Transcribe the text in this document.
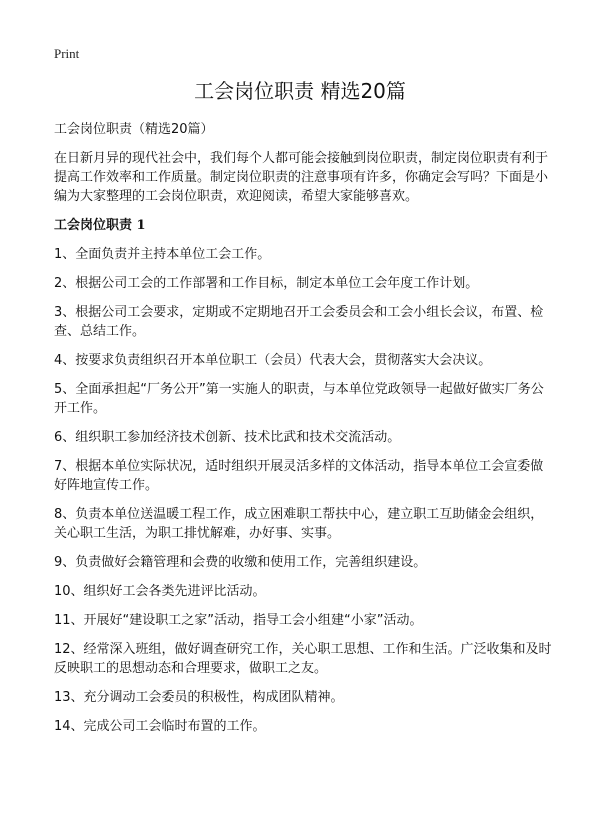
Print
工会岗位职责 精选20篇

工会岗位职责（精选20篇）

在日新月异的现代社会中，我们每个人都可能会接触到岗位职责，制定岗位职责有利于提高工作效率和工作质量。制定岗位职责的注意事项有许多，你确定会写吗？下面是小编为大家整理的工会岗位职责，欢迎阅读，希望大家能够喜欢。

工会岗位职责 1

1、全面负责并主持本单位工会工作。
2、根据公司工会的工作部署和工作目标，制定本单位工会年度工作计划。
3、根据公司工会要求，定期或不定期地召开工会委员会和工会小组长会议，布置、检查、总结工作。
4、按要求负责组织召开本单位职工（会员）代表大会，贯彻落实大会决议。
5、全面承担起“厂务公开”第一实施人的职责，与本单位党政领导一起做好做实厂务公开工作。
6、组织职工参加经济技术创新、技术比武和技术交流活动。
7、根据本单位实际状况，适时组织开展灵活多样的文体活动，指导本单位工会宣委做好阵地宣传工作。
8、负责本单位送温暖工程工作，成立困难职工帮扶中心，建立职工互助储金会组织，关心职工生活，为职工排忧解难，办好事、实事。
9、负责做好会籍管理和会费的收缴和使用工作，完善组织建设。
10、组织好工会各类先进评比活动。
11、开展好“建设职工之家”活动，指导工会小组建“小家”活动。
12、经常深入班组，做好调查研究工作，关心职工思想、工作和生活。广泛收集和及时反映职工的思想动态和合理要求，做职工之友。
13、充分调动工会委员的积极性，构成团队精神。
14、完成公司工会临时布置的工作。
